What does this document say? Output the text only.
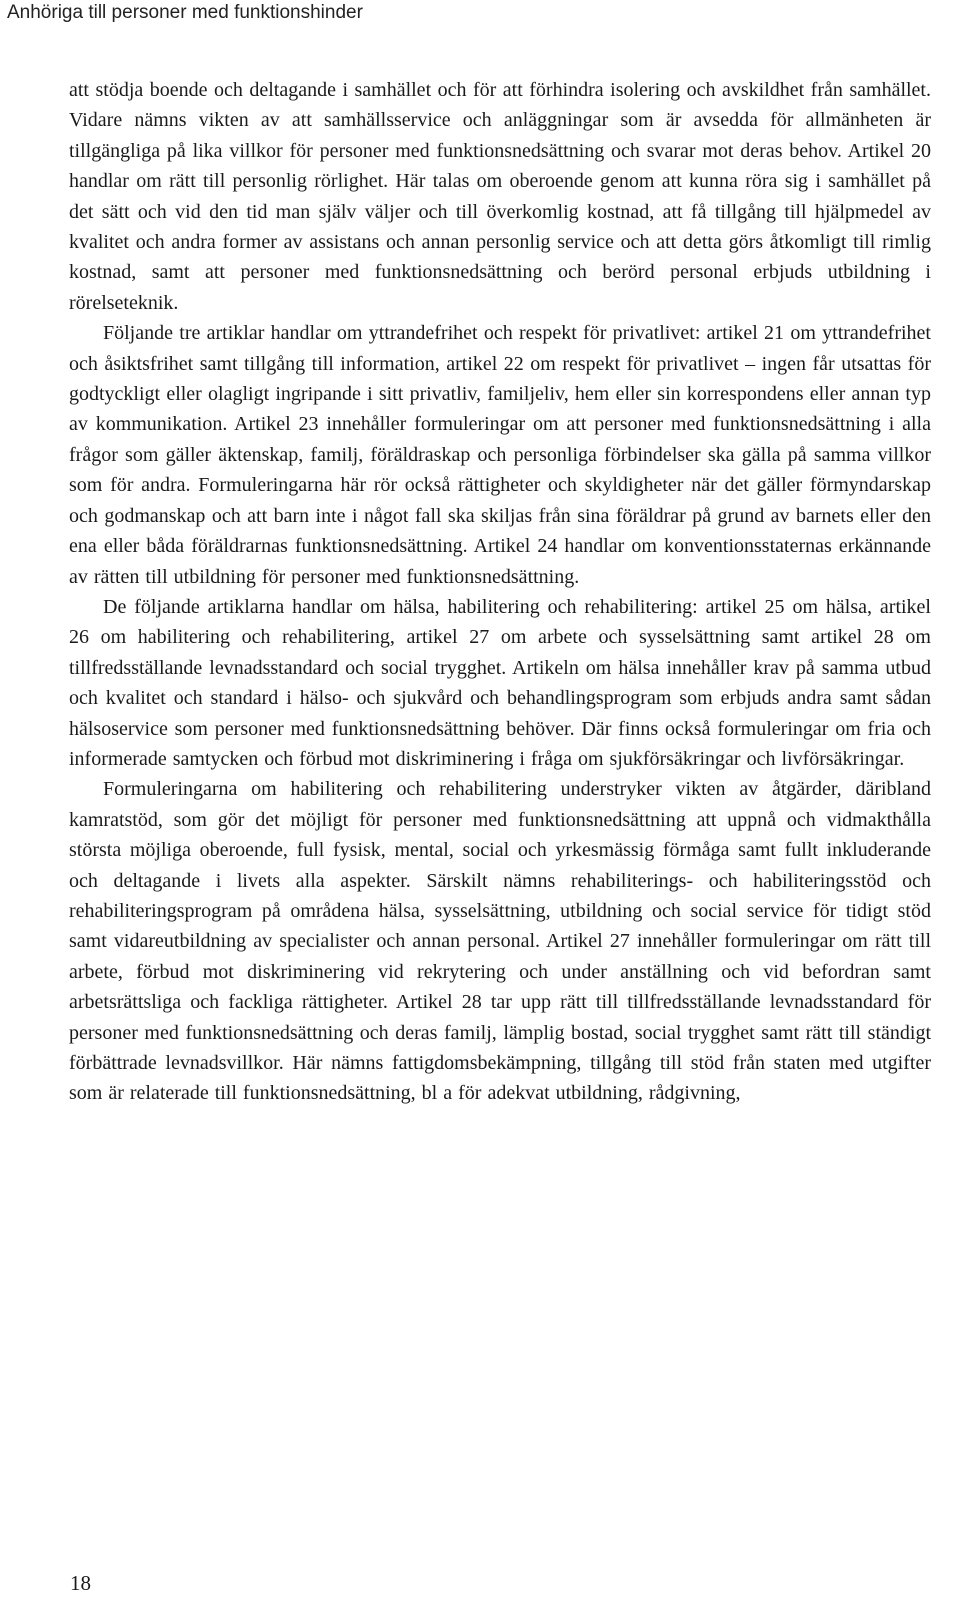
Anhöriga till personer med funktionshinder

att stödja boende och deltagande i samhället och för att förhindra isolering och avskildhet från samhället. Vidare nämns vikten av att samhällsservice och anläggningar som är avsedda för allmänheten är tillgängliga på lika villkor för personer med funktionsnedsättning och svarar mot deras behov. Artikel 20 handlar om rätt till personlig rörlighet. Här talas om oberoende genom att kunna röra sig i samhället på det sätt och vid den tid man själv väljer och till överkomlig kostnad, att få tillgång till hjälpmedel av kvalitet och andra former av assistans och annan personlig service och att detta görs åtkomligt till rimlig kostnad, samt att personer med funktionsnedsättning och berörd personal erbjuds utbildning i rörelseteknik.

Följande tre artiklar handlar om yttrandefrihet och respekt för privatlivet: artikel 21 om yttrandefrihet och åsiktsfrihet samt tillgång till information, artikel 22 om respekt för privatlivet – ingen får utsattas för godtyckligt eller olagligt ingripande i sitt privatliv, familjeliv, hem eller sin korrespondens eller annan typ av kommunikation. Artikel 23 innehåller formuleringar om att personer med funktionsnedsättning i alla frågor som gäller äktenskap, familj, föräldraskap och personliga förbindelser ska gälla på samma villkor som för andra. Formuleringarna här rör också rättigheter och skyldigheter när det gäller förmyndarskap och godmanskap och att barn inte i något fall ska skiljas från sina föräldrar på grund av barnets eller den ena eller båda föräldrarnas funktionsnedsättning. Artikel 24 handlar om konventionsstaternas erkännande av rätten till utbildning för personer med funktionsnedsättning.

De följande artiklarna handlar om hälsa, habilitering och rehabilitering: artikel 25 om hälsa, artikel 26 om habilitering och rehabilitering, artikel 27 om arbete och sysselsättning samt artikel 28 om tillfredsställande levnadsstandard och social trygghet. Artikeln om hälsa innehåller krav på samma utbud och kvalitet och standard i hälso- och sjukvård och behandlingsprogram som erbjuds andra samt sådan hälsoservice som personer med funktionsnedsättning behöver. Där finns också formuleringar om fria och informerade samtycken och förbud mot diskriminering i fråga om sjukförsäkringar och livförsäkringar.

Formuleringarna om habilitering och rehabilitering understryker vikten av åtgärder, däribland kamratstöd, som gör det möjligt för personer med funktionsnedsättning att uppnå och vidmakthålla största möjliga oberoende, full fysisk, mental, social och yrkesmässig förmåga samt fullt inkluderande och deltagande i livets alla aspekter. Särskilt nämns rehabiliterings- och habiliteringsstöd och rehabiliteringsprogram på områdena hälsa, sysselsättning, utbildning och social service för tidigt stöd samt vidareutbildning av specialister och annan personal. Artikel 27 innehåller formuleringar om rätt till arbete, förbud mot diskriminering vid rekrytering och under anställning och vid befordran samt arbetsrättsliga och fackliga rättigheter. Artikel 28 tar upp rätt till tillfredsställande levnadsstandard för personer med funktionsnedsättning och deras familj, lämplig bostad, social trygghet samt rätt till ständigt förbättrade levnadsvillkor. Här nämns fattigdomsbekämpning, tillgång till stöd från staten med utgifter som är relaterade till funktionsnedsättning, bl a för adekvat utbildning, rådgivning,

18
